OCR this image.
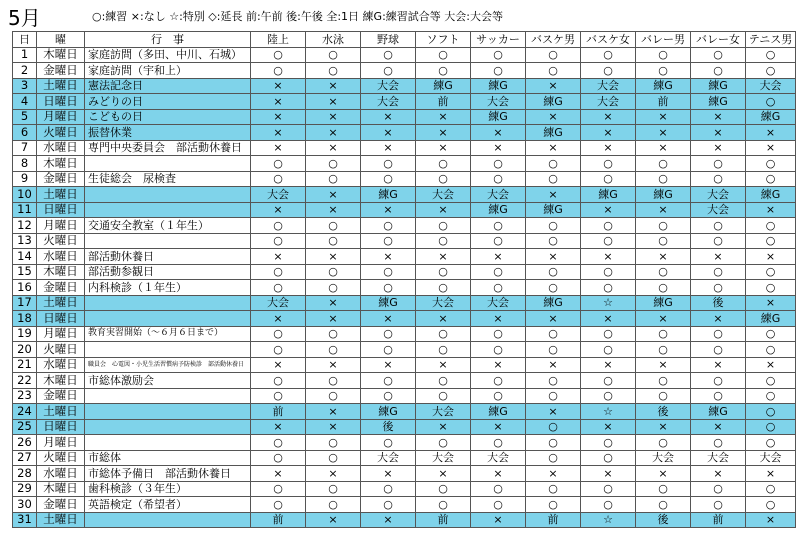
5月	○:練習 ×:なし ☆:特別 ◇:延長 前:午前 後:午後 全:1日 練G:練習試合等 大会:大会等
日	曜	行　事	陸上	水泳	野球	ソフト	サッカー	バスケ男	バスケ女	バレー男	バレー女	テニス男
1	木曜日	家庭訪問（多田、中川、石城）	○	○	○	○	○	○	○	○	○	○
2	金曜日	家庭訪問（宇和上）	○	○	○	○	○	○	○	○	○	○
3	土曜日	憲法記念日	×	×	大会	練G	練G	×	大会	練G	練G	大会
4	日曜日	みどりの日	×	×	大会	前	大会	練G	大会	前	練G	○
5	月曜日	こどもの日	×	×	×	×	練G	×	×	×	×	練G
6	火曜日	振替休業	×	×	×	×	×	練G	×	×	×	×
7	水曜日	専門中央委員会　部活動休養日	×	×	×	×	×	×	×	×	×	×
8	木曜日		○	○	○	○	○	○	○	○	○	○
9	金曜日	生徒総会　尿検査	○	○	○	○	○	○	○	○	○	○
10	土曜日		大会	×	練G	大会	大会	×	練G	練G	大会	練G
11	日曜日		×	×	×	×	練G	練G	×	×	大会	×
12	月曜日	交通安全教室（１年生）	○	○	○	○	○	○	○	○	○	○
13	火曜日		○	○	○	○	○	○	○	○	○	○
14	水曜日	部活動休養日	×	×	×	×	×	×	×	×	×	×
15	木曜日	部活動参観日	○	○	○	○	○	○	○	○	○	○
16	金曜日	内科検診（１年生）	○	○	○	○	○	○	○	○	○	○
17	土曜日		大会	×	練G	大会	大会	練G	☆	練G	後	×
18	日曜日		×	×	×	×	×	×	×	×	×	練G
19	月曜日	教育実習開始（～６月６日まで）	○	○	○	○	○	○	○	○	○	○
20	火曜日		○	○	○	○	○	○	○	○	○	○
21	水曜日	職員会　心電図・小児生活習慣病予防検診　部活動休養日	×	×	×	×	×	×	×	×	×	×
22	木曜日	市総体激励会	○	○	○	○	○	○	○	○	○	○
23	金曜日		○	○	○	○	○	○	○	○	○	○
24	土曜日		前	×	練G	大会	練G	×	☆	後	練G	○
25	日曜日		×	×	後	×	×	○	×	×	×	○
26	月曜日		○	○	○	○	○	○	○	○	○	○
27	火曜日	市総体	○	○	大会	大会	大会	○	○	大会	大会	大会
28	水曜日	市総体予備日　部活動休養日	×	×	×	×	×	×	×	×	×	×
29	木曜日	歯科検診（３年生）	○	○	○	○	○	○	○	○	○	○
30	金曜日	英語検定（希望者）	○	○	○	○	○	○	○	○	○	○
31	土曜日		前	×	×	前	×	前	☆	後	前	×
